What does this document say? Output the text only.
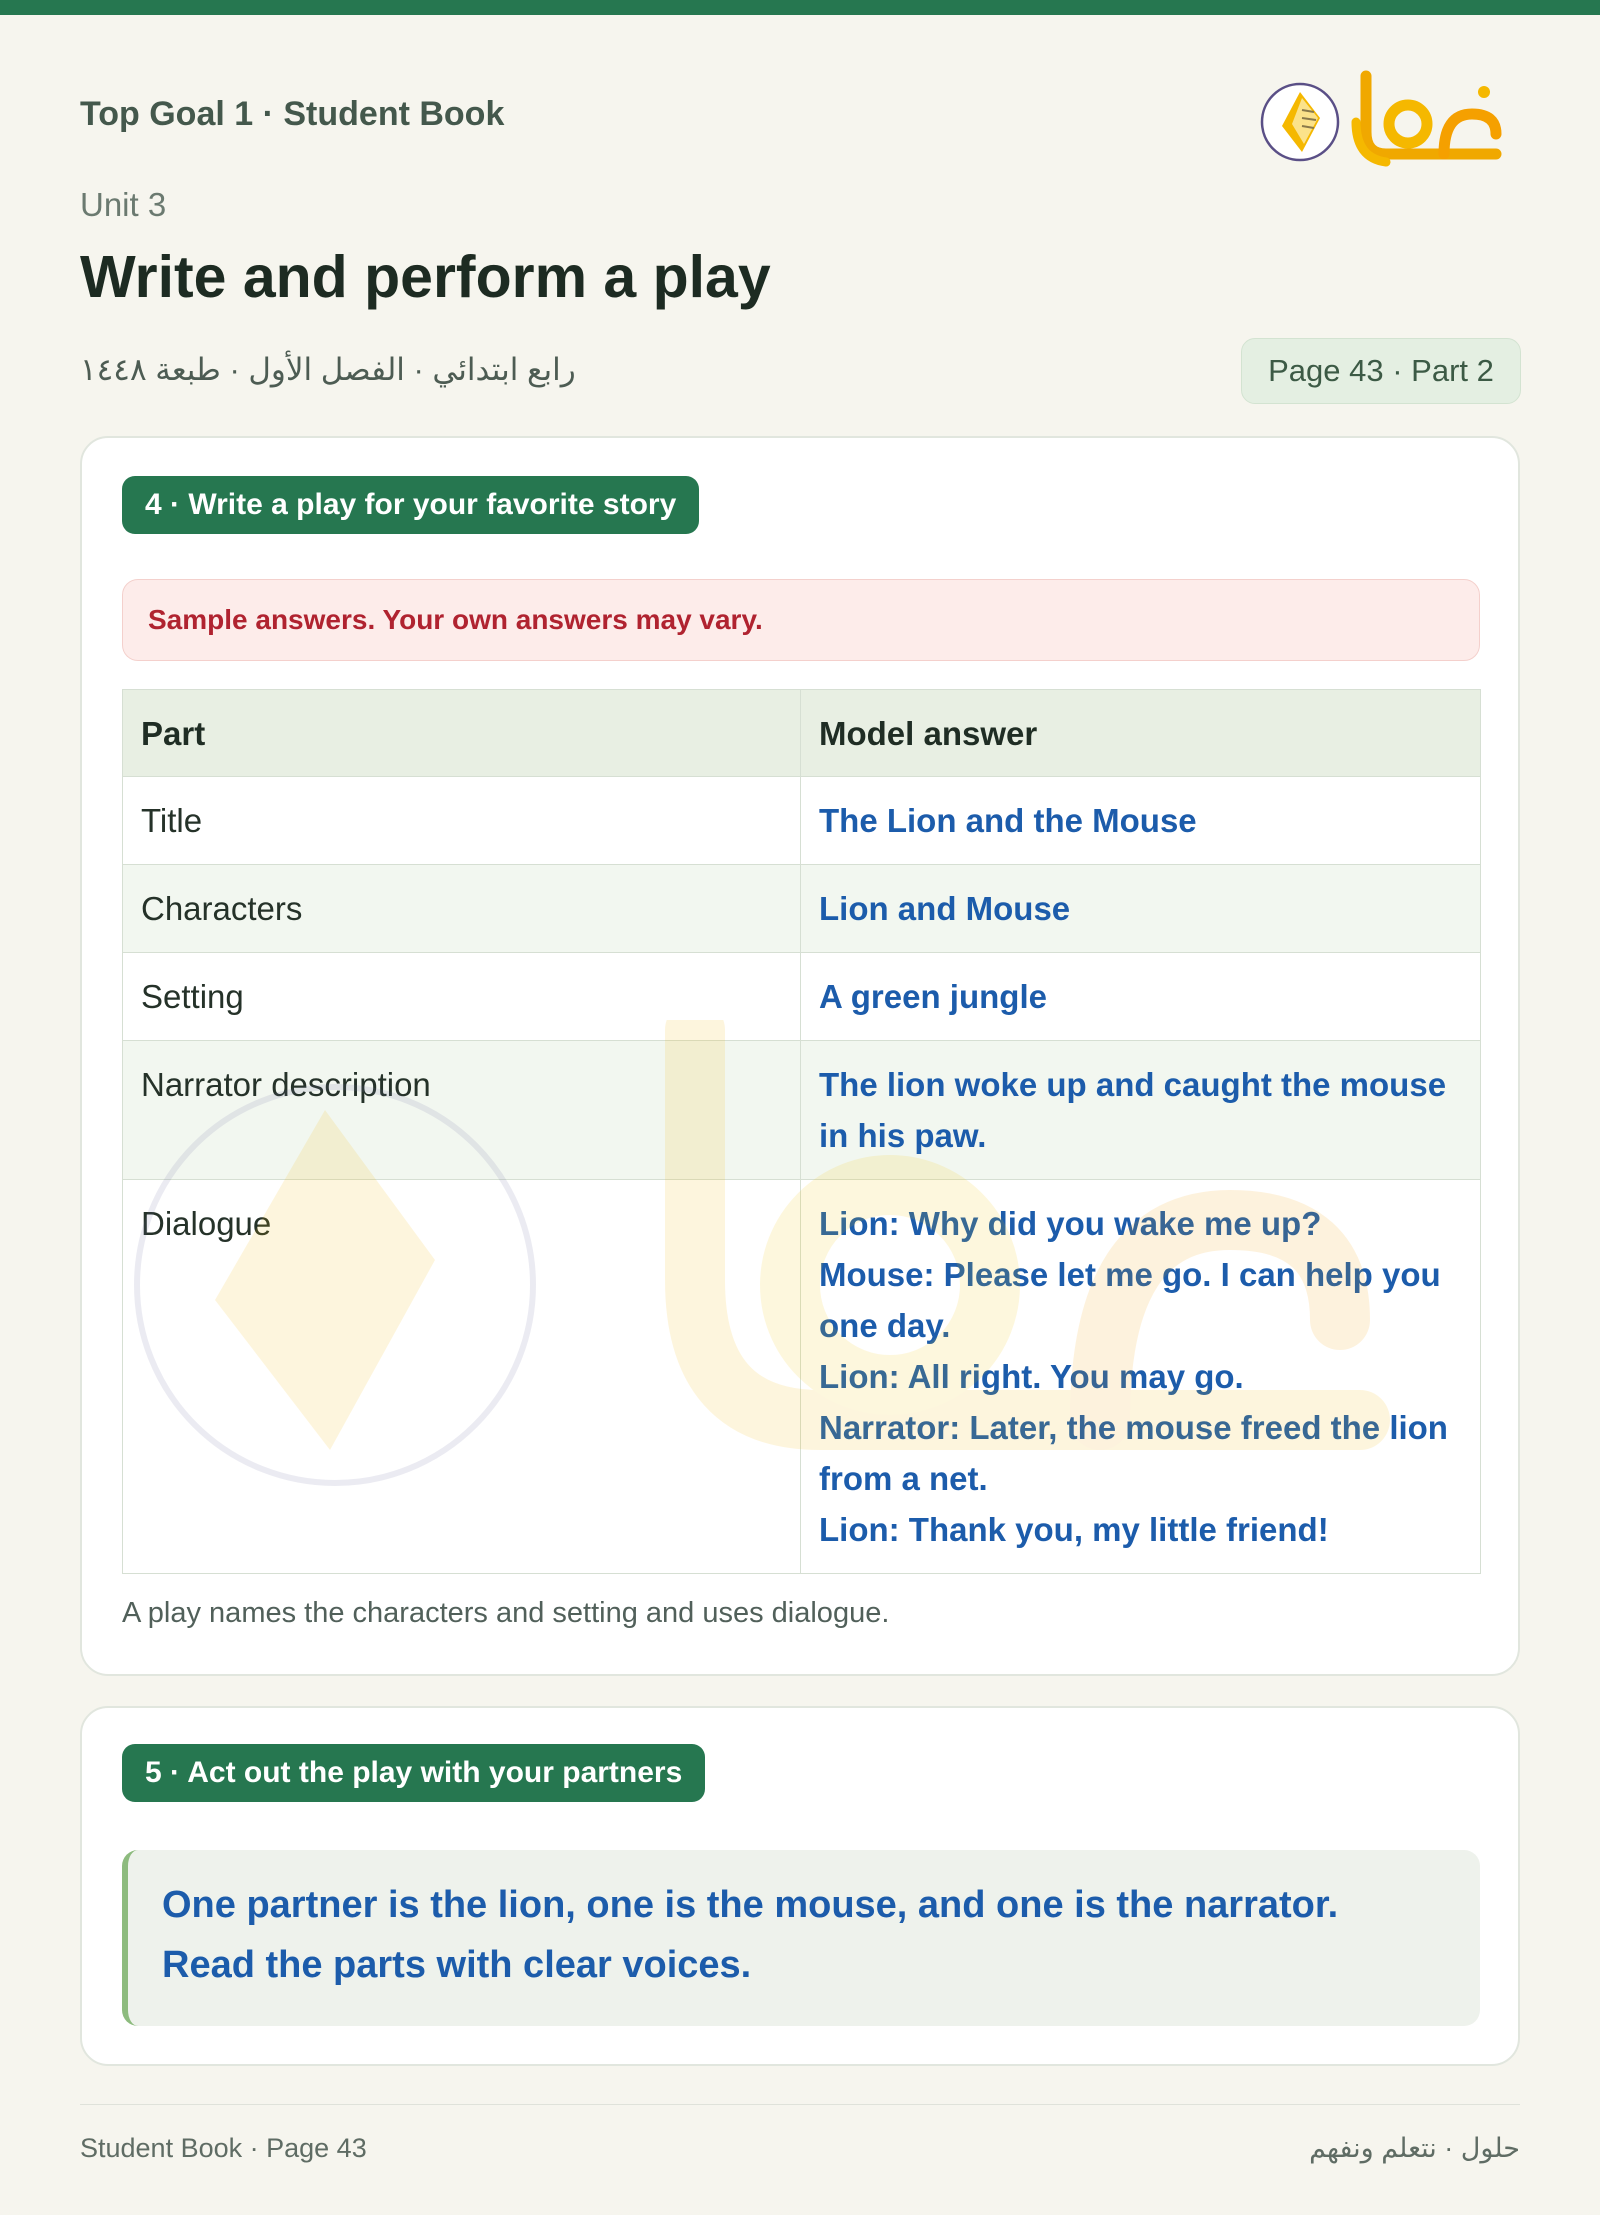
Top Goal 1 · Student Book
Unit 3
Write and perform a play
رابع ابتدائي · الفصل الأول · طبعة ١٤٤٨	Page 43 · Part 2
4 · Write a play for your favorite story
Sample answers. Your own answers may vary.
Part	Model answer
Title	The Lion and the Mouse

Characters	Lion and Mouse

Setting	A green jungle

Narrator description	The lion woke up and caught the mouse in his paw.

Dialogue	Lion: Why did you wake me up?
Mouse: Please let me go. I can help you one day.
Lion: All right. You may go.
Narrator: Later, the mouse freed the lion from a net.
Lion: Thank you, my little friend!
A play names the characters and setting and uses dialogue.
5 · Act out the play with your partners
One partner is the lion, one is the mouse, and one is the narrator.
Read the parts with clear voices.
Student Book · Page 43	حلول · نتعلم ونفهم
